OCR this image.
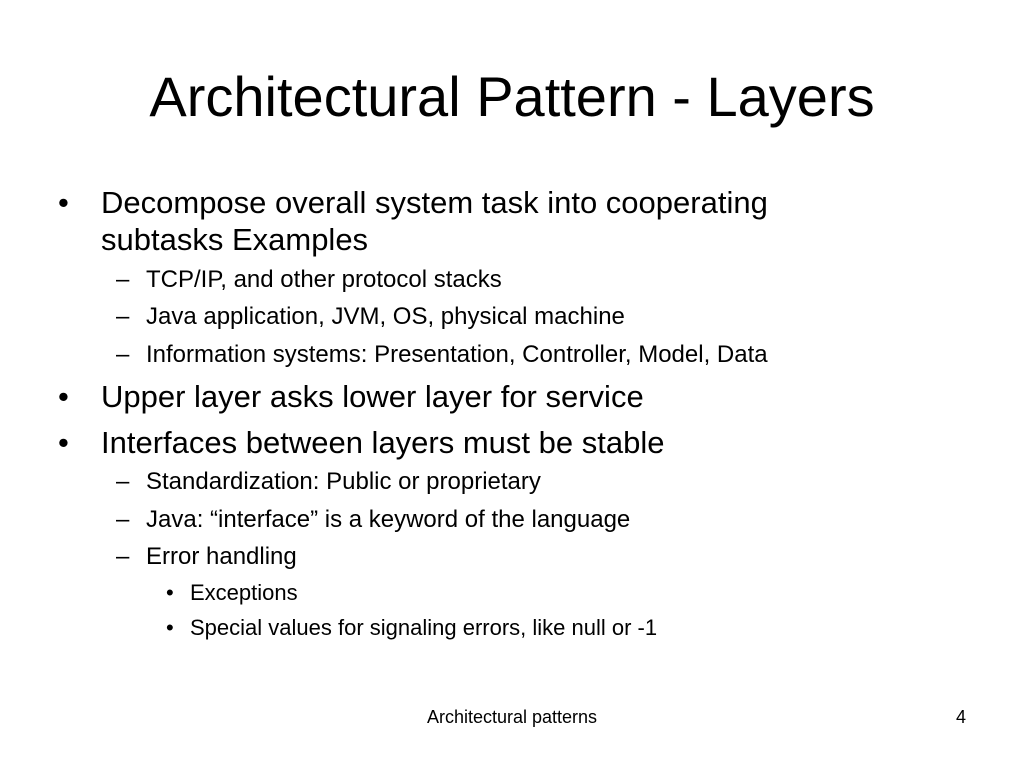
Architectural Pattern - Layers
• Decompose overall system task into cooperating
subtasks Examples
– TCP/IP, and other protocol stacks
– Java application, JVM, OS, physical machine
– Information systems: Presentation, Controller, Model, Data
• Upper layer asks lower layer for service
• Interfaces between layers must be stable
– Standardization: Public or proprietary
– Java: “interface” is a keyword of the language
– Error handling
• Exceptions
• Special values for signaling errors, like null or -1
Architectural patterns	4
